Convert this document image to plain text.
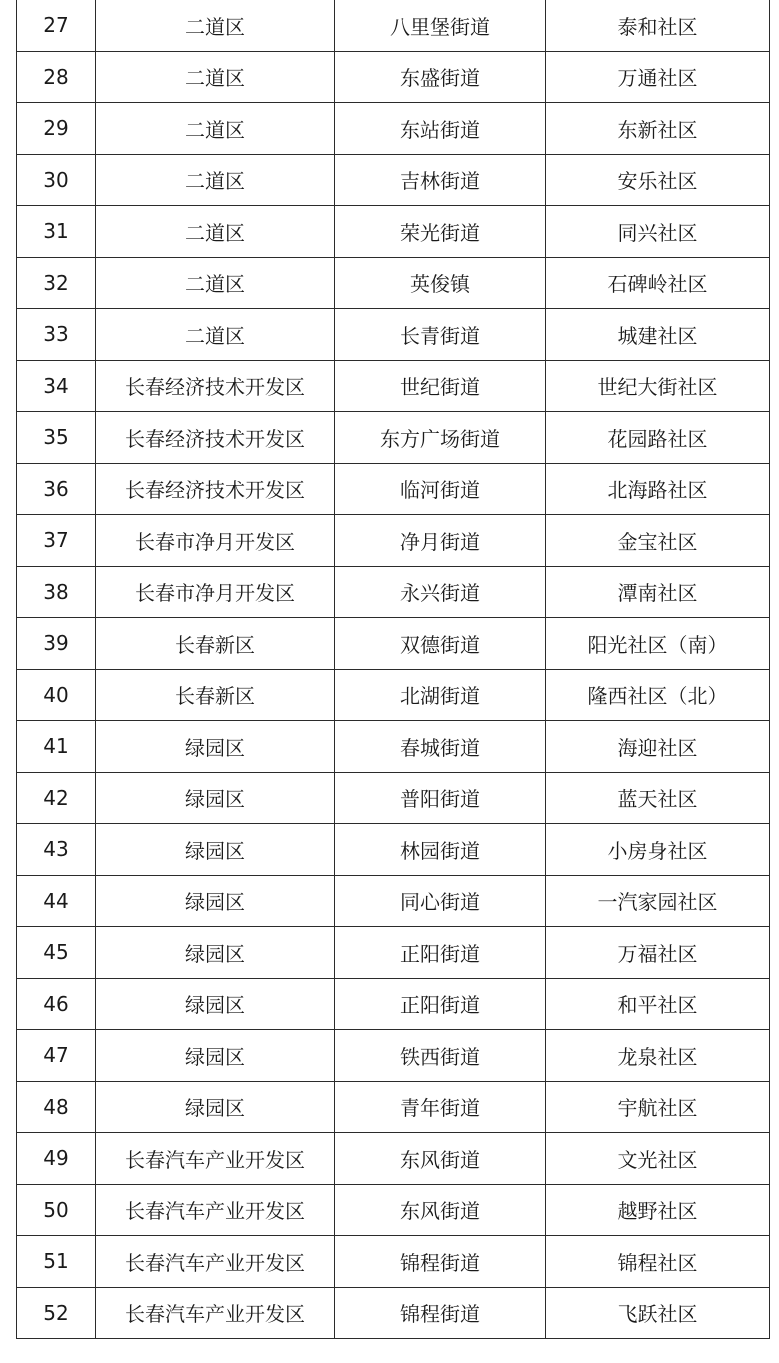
27	二道区	八里堡街道	泰和社区
28	二道区	东盛街道	万通社区
29	二道区	东站街道	东新社区
30	二道区	吉林街道	安乐社区
31	二道区	荣光街道	同兴社区
32	二道区	英俊镇	石碑岭社区
33	二道区	长青街道	城建社区
34	长春经济技术开发区	世纪街道	世纪大街社区
35	长春经济技术开发区	东方广场街道	花园路社区
36	长春经济技术开发区	临河街道	北海路社区
37	长春市净月开发区	净月街道	金宝社区
38	长春市净月开发区	永兴街道	潭南社区
39	长春新区	双德街道	阳光社区（南）
40	长春新区	北湖街道	隆西社区（北）
41	绿园区	春城街道	海迎社区
42	绿园区	普阳街道	蓝天社区
43	绿园区	林园街道	小房身社区
44	绿园区	同心街道	一汽家园社区
45	绿园区	正阳街道	万福社区
46	绿园区	正阳街道	和平社区
47	绿园区	铁西街道	龙泉社区
48	绿园区	青年街道	宇航社区
49	长春汽车产业开发区	东风街道	文光社区
50	长春汽车产业开发区	东风街道	越野社区
51	长春汽车产业开发区	锦程街道	锦程社区
52	长春汽车产业开发区	锦程街道	飞跃社区
